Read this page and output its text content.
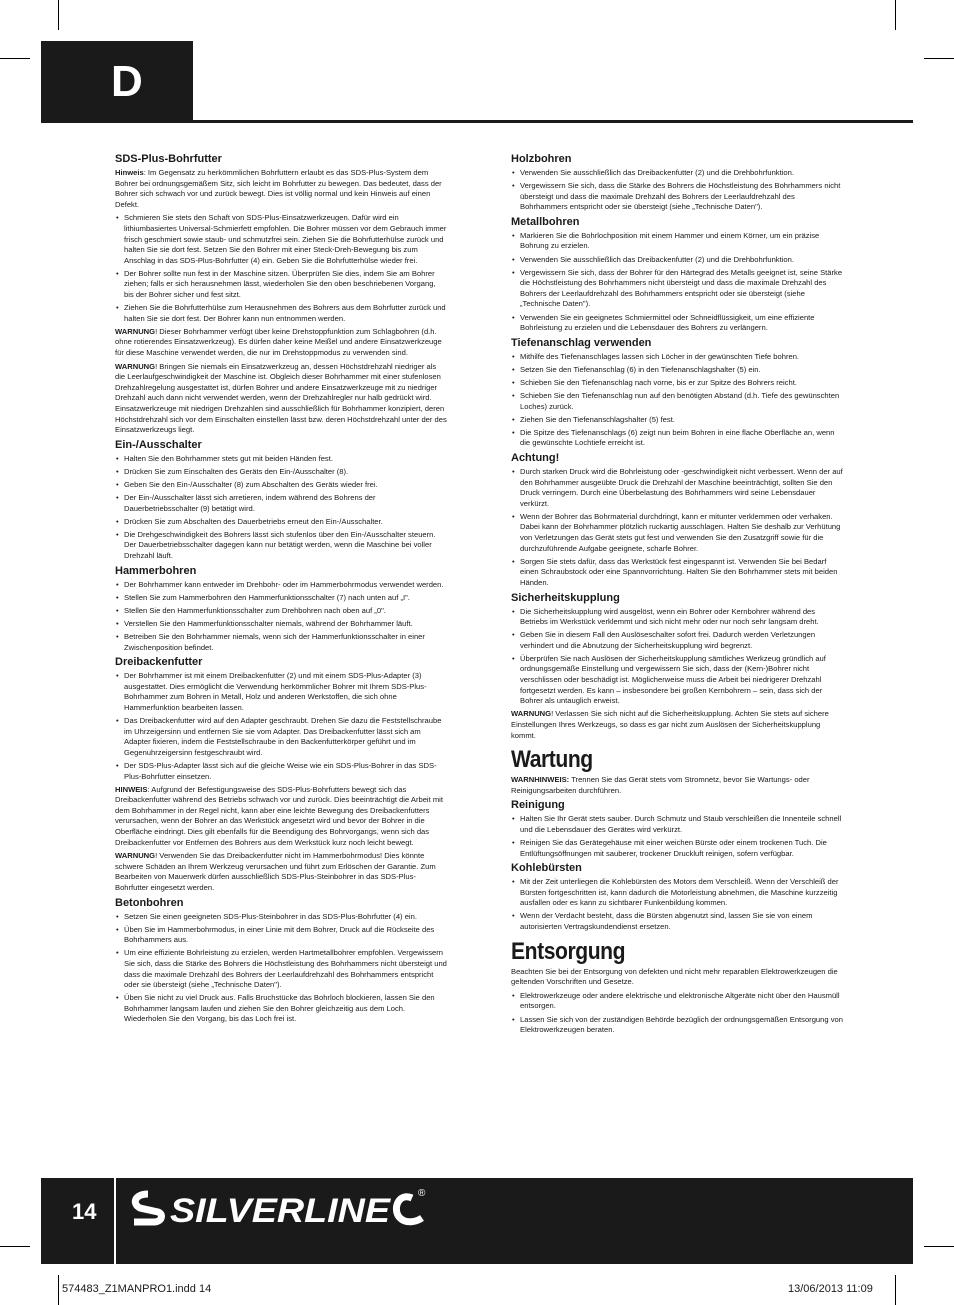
D
SDS-Plus-Bohrfutter

Hinweis: Im Gegensatz zu herkömmlichen Bohrfuttern erlaubt es das SDS-Plus-System dem Bohrer bei ordnungsgemäßem Sitz, sich leicht im Bohrfutter zu bewegen. Das bedeutet, dass der Bohrer sich schwach vor und zurück bewegt. Dies ist völlig normal und kein Hinweis auf einen Defekt.

• Schmieren Sie stets den Schaft von SDS-Plus-Einsatzwerkzeugen. Dafür wird ein lithiumbasiertes Universal-Schmierfett empfohlen. Die Bohrer müssen vor dem Gebrauch immer frisch geschmiert sowie staub- und schmutzfrei sein. Ziehen Sie die Bohrfutterhülse zurück und halten Sie sie dort fest. Setzen Sie den Bohrer mit einer Steck-Dreh-Bewegung bis zum Anschlag in das SDS-Plus-Bohrfutter (4) ein. Geben Sie die Bohrfutterhülse wieder frei.
• Der Bohrer sollte nun fest in der Maschine sitzen. Überprüfen Sie dies, indem Sie am Bohrer ziehen; falls er sich herausnehmen lässt, wiederholen Sie den oben beschriebenen Vorgang, bis der Bohrer sicher und fest sitzt.
• Ziehen Sie die Bohrfutterhülse zum Herausnehmen des Bohrers aus dem Bohrfutter zurück und halten Sie sie dort fest. Der Bohrer kann nun entnommen werden.

WARNUNG! Dieser Bohrhammer verfügt über keine Drehstoppfunktion zum Schlagbohren (d.h. ohne rotierendes Einsatzwerkzeug). Es dürfen daher keine Meißel und andere Einsatzwerkzeuge für diese Maschine verwendet werden, die nur im Drehstoppmodus zu verwenden sind.

WARNUNG! Bringen Sie niemals ein Einsatzwerkzeug an, dessen Höchstdrehzahl niedriger als die Leerlaufgeschwindigkeit der Maschine ist. Obgleich dieser Bohrhammer mit einer stufenlosen Drehzahlregelung ausgestattet ist, dürfen Bohrer und andere Einsatzwerkzeuge mit zu niedriger Drehzahl auch dann nicht verwendet werden, wenn der Drehzahlregler nur halb gedrückt wird. Einsatzwerkzeuge mit niedrigen Drehzahlen sind ausschließlich für Bohrhammer konzipiert, deren Höchstdrehzahl sich vor dem Einschalten einstellen lässt bzw. deren Höchstdrehzahl unter der des Einsatzwerkzeugs liegt.

Ein-/Ausschalter
• Halten Sie den Bohrhammer stets gut mit beiden Händen fest.
• Drücken Sie zum Einschalten des Geräts den Ein-/Ausschalter (8).
• Geben Sie den Ein-/Ausschalter (8) zum Abschalten des Geräts wieder frei.
• Der Ein-/Ausschalter lässt sich arretieren, indem während des Bohrens der Dauerbetriebsschalter (9) betätigt wird.
• Drücken Sie zum Abschalten des Dauerbetriebs erneut den Ein-/Ausschalter.
• Die Drehgeschwindigkeit des Bohrers lässt sich stufenlos über den Ein-/Ausschalter steuern. Der Dauerbetriebsschalter dagegen kann nur betätigt werden, wenn die Maschine bei voller Drehzahl läuft.
Hammerbohren
• Der Bohrhammer kann entweder im Drehbohr- oder im Hammerbohrmodus verwendet werden.
• Stellen Sie zum Hammerbohren den Hammerfunktionsschalter (7) nach unten auf „I".
• Stellen Sie den Hammerfunktionsschalter zum Drehbohren nach oben auf „0".
• Verstellen Sie den Hammerfunktionsschalter niemals, während der Bohrhammer läuft.
• Betreiben Sie den Bohrhammer niemals, wenn sich der Hammerfunktionsschalter in einer Zwischenposition befindet.
Dreibackenfutter
• Der Bohrhammer ist mit einem Dreibackenfutter (2) und mit einem SDS-Plus-Adapter (3) ausgestattet. Dies ermöglicht die Verwendung herkömmlicher Bohrer mit Ihrem SDS-Plus-Bohrhammer zum Bohren in Metall, Holz und anderen Werkstoffen, die sich ohne Hammerfunktion bearbeiten lassen.
• Das Dreibackenfutter wird auf den Adapter geschraubt. Drehen Sie dazu die Feststellschraube im Uhrzeigersinn und entfernen Sie sie vom Adapter. Das Dreibackenfutter lässt sich am Adapter fixieren, indem die Feststellschraube in den Backenfutterkörper geführt und im Gegenuhrzeigersinn festgeschraubt wird.
• Der SDS-Plus-Adapter lässt sich auf die gleiche Weise wie ein SDS-Plus-Bohrer in das SDS-Plus-Bohrfutter einsetzen.

HINWEIS: Aufgrund der Befestigungsweise des SDS-Plus-Bohrfutters bewegt sich das Dreibackenfutter während des Betriebs schwach vor und zurück. Dies beeinträchtigt die Arbeit mit dem Bohrhammer in der Regel nicht, kann aber eine leichte Bewegung des Dreibackenfutters verursachen, wenn der Bohrer an das Werkstück angesetzt wird und bevor der Bohrer in die Oberfläche eindringt. Dies gilt ebenfalls für die Beendigung des Bohrvorgangs, wenn sich das Dreibackenfutter vor Entfernen des Bohrers aus dem Werkstück kurz noch leicht bewegt.

WARNUNG! Verwenden Sie das Dreibackenfutter nicht im Hammerbohrmodus! Dies könnte schwere Schäden an Ihrem Werkzeug verursachen und führt zum Erlöschen der Garantie. Zum Bearbeiten von Mauerwerk dürfen ausschließlich SDS-Plus-Steinbohrer in das SDS-Plus-Bohrfutter eingesetzt werden.

Betonbohren
• Setzen Sie einen geeigneten SDS-Plus-Steinbohrer in das SDS-Plus-Bohrfutter (4) ein.
• Üben Sie im Hammerbohrmodus, in einer Linie mit dem Bohrer, Druck auf die Rückseite des Bohrhammers aus.
• Um eine effiziente Bohrleistung zu erzielen, werden Hartmetallbohrer empfohlen. Vergewissern Sie sich, dass die Stärke des Bohrers die Höchstleistung des Bohrhammers nicht übersteigt und dass die maximale Drehzahl des Bohrers der Leerlaufdrehzahl des Bohrhammers entspricht oder sie übersteigt (siehe „Technische Daten").
• Üben Sie nicht zu viel Druck aus. Falls Bruchstücke das Bohrloch blockieren, lassen Sie den Bohrhammer langsam laufen und ziehen Sie den Bohrer gleichzeitig aus dem Loch. Wiederholen Sie den Vorgang, bis das Loch frei ist.
Holzbohren
• Verwenden Sie ausschließlich das Dreibackenfutter (2) und die Drehbohrfunktion.
• Vergewissern Sie sich, dass die Stärke des Bohrers die Höchstleistung des Bohrhammers nicht übersteigt und dass die maximale Drehzahl des Bohrers der Leerlaufdrehzahl des Bohrhammers entspricht oder sie übersteigt (siehe „Technische Daten").
Metallbohren
• Markieren Sie die Bohrlochposition mit einem Hammer und einem Körner, um ein präzise Bohrung zu erzielen.
• Verwenden Sie ausschließlich das Dreibackenfutter (2) und die Drehbohrfunktion.
• Vergewissern Sie sich, dass der Bohrer für den Härtegrad des Metalls geeignet ist, seine Stärke die Höchstleistung des Bohrhammers nicht übersteigt und dass die maximale Drehzahl des Bohrers der Leerlaufdrehzahl des Bohrhammers entspricht oder sie übersteigt (siehe „Technische Daten").
• Verwenden Sie ein geeignetes Schmiermittel oder Schneidflüssigkeit, um eine effiziente Bohrleistung zu erzielen und die Lebensdauer des Bohrers zu verlängern.
Tiefenanschlag verwenden
• Mithilfe des Tiefenanschlages lassen sich Löcher in der gewünschten Tiefe bohren.
• Setzen Sie den Tiefenanschlag (6) in den Tiefenanschlagshalter (5) ein.
• Schieben Sie den Tiefenanschlag nach vorne, bis er zur Spitze des Bohrers reicht.
• Schieben Sie den Tiefenanschlag nun auf den benötigten Abstand (d.h. Tiefe des gewünschten Loches) zurück.
• Ziehen Sie den Tiefenanschlagshalter (5) fest.
• Die Spitze des Tiefenanschlags (6) zeigt nun beim Bohren in eine flache Oberfläche an, wenn die gewünschte Lochtiefe erreicht ist.
Achtung!
• Durch starken Druck wird die Bohrleistung oder -geschwindigkeit nicht verbessert. Wenn der auf den Bohrhammer ausgeübte Druck die Drehzahl der Maschine beeinträchtigt, sollten Sie den Druck verringern. Durch eine Überbelastung des Bohrhammers wird seine Lebensdauer verkürzt.
• Wenn der Bohrer das Bohrmaterial durchdringt, kann er mitunter verklemmen oder verhaken. Dabei kann der Bohrhammer plötzlich ruckartig ausschlagen. Halten Sie deshalb zur Verhütung von Verletzungen das Gerät stets gut fest und verwenden Sie den Zusatzgriff sowie für die durchzuführende Aufgabe geeignete, scharfe Bohrer.
• Sorgen Sie stets dafür, dass das Werkstück fest eingespannt ist. Verwenden Sie bei Bedarf einen Schraubstock oder eine Spannvorrichtung. Halten Sie den Bohrhammer stets mit beiden Händen.
Sicherheitskupplung
• Die Sicherheitskupplung wird ausgelöst, wenn ein Bohrer oder Kernbohrer während des Betriebs im Werkstück verklemmt und sich nicht mehr oder nur noch sehr langsam dreht.
• Geben Sie in diesem Fall den Auslöseschalter sofort frei. Dadurch werden Verletzungen verhindert und die Abnutzung der Sicherheitskupplung wird begrenzt.
• Überprüfen Sie nach Auslösen der Sicherheitskupplung sämtliches Werkzeug gründlich auf ordnungsgemäße Einstellung und vergewissern Sie sich, dass der (Kern-)Bohrer nicht verschlissen oder beschädigt ist. Möglicherweise muss die Arbeit bei niedrigerer Drehzahl fortgesetzt werden. Es kann – insbesondere bei großen Kernbohrern – sein, dass sich der Bohrer als untauglich erweist.

WARNUNG! Verlassen Sie sich nicht auf die Sicherheitskupplung. Achten Sie stets auf sichere Einstellungen Ihres Werkzeugs, so dass es gar nicht zum Auslösen der Sicherheitskupplung kommt.

Wartung

WARNHINWEIS: Trennen Sie das Gerät stets vom Stromnetz, bevor Sie Wartungs- oder Reinigungsarbeiten durchführen.

Reinigung
• Halten Sie Ihr Gerät stets sauber. Durch Schmutz und Staub verschleißen die Innenteile schnell und die Lebensdauer des Gerätes wird verkürzt.
• Reinigen Sie das Gerätegehäuse mit einer weichen Bürste oder einem trockenen Tuch. Die Entlüftungsöffnungen mit sauberer, trockener Druckluft reinigen, sofern verfügbar.
Kohlebürsten
• Mit der Zeit unterliegen die Kohlebürsten des Motors dem Verschleiß. Wenn der Verschleiß der Bürsten fortgeschritten ist, kann dadurch die Motorleistung abnehmen, die Maschine kurzzeitig ausfallen oder es kann zu sichtbarer Funkenbildung kommen.
• Wenn der Verdacht besteht, dass die Bürsten abgenutzt sind, lassen Sie sie von einem autorisierten Vertragskundendienst ersetzen.
Entsorgung

Beachten Sie bei der Entsorgung von defekten und nicht mehr reparablen Elektrowerkzeugen die geltenden Vorschriften und Gesetze.

• Elektrowerkzeuge oder andere elektrische und elektronische Altgeräte nicht über den Hausmüll entsorgen.
• Lassen Sie sich von der zuständigen Behörde bezüglich der ordnungsgemäßen Entsorgung von Elektrowerkzeugen beraten.
14 SILVERLINE	®
574483_Z1MANPRO1.indd 14	13/06/2013 11:09
